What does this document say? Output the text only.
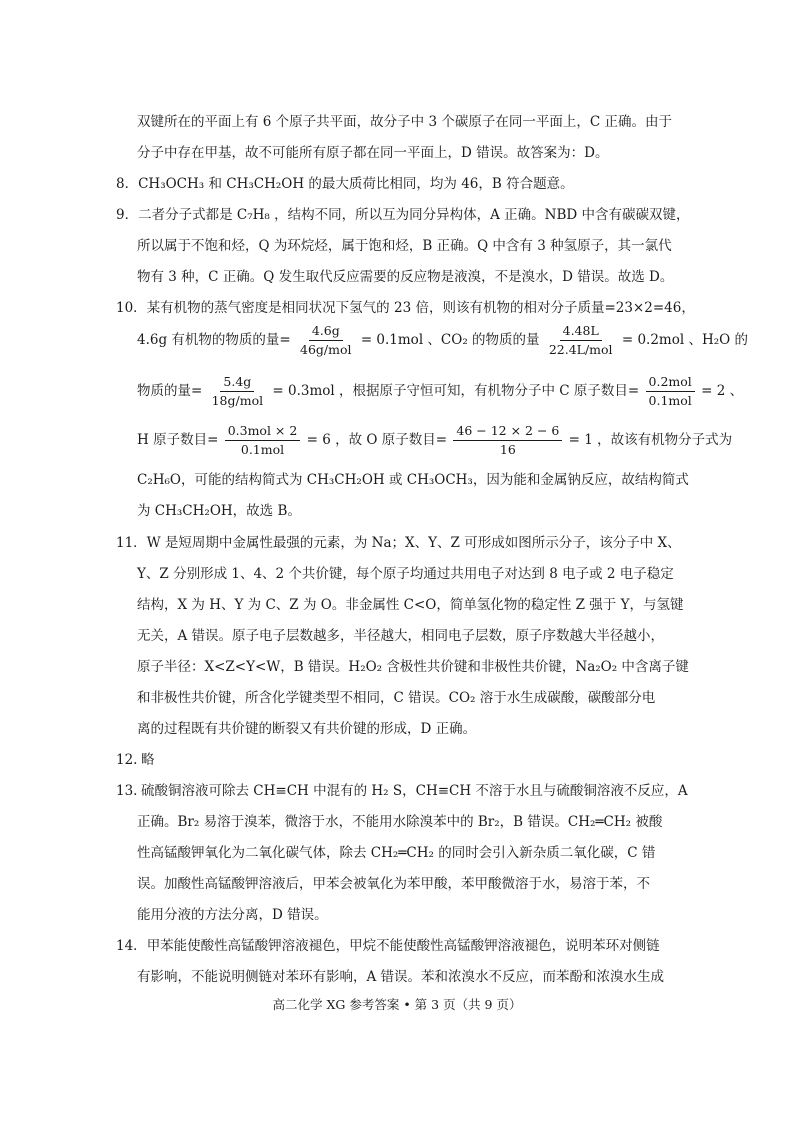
双键所在的平面上有 6 个原子共平面，故分子中 3 个碳原子在同一平面上，C 正确。由于
分子中存在甲基，故不可能所有原子都在同一平面上，D 错误。故答案为：D。
8．CH₃OCH₃ 和 CH₃CH₂OH 的最大质荷比相同，均为 46，B 符合题意。
9．二者分子式都是 C₇H₈ ，结构不同，所以互为同分异构体，A 正确。NBD 中含有碳碳双键，
所以属于不饱和烃，Q 为环烷烃，属于饱和烃，B 正确。Q 中含有 3 种氢原子，其一氯代
物有 3 种，C 正确。Q 发生取代反应需要的反应物是液溴，不是溴水，D 错误。故选 D。
10．某有机物的蒸气密度是相同状况下氢气的 23 倍，则该有机物的相对分子质量=23×2=46，
4.6g 有机物的物质的量= $\frac{4.6g}{\text{46g/mol}} = 0.1mol$ 、CO₂ 的物质的量 $\frac{4.48L}{\text{22.4L/mol}} = 0.2mol$ 、H₂O 的
物质的量= $\frac{5.4g}{\text{18g/mol}} = 0.3mol$ ，根据原子守恒可知，有机物分子中 C 原子数目= $\frac{\text{0.2mol}}{\text{0.1mol}} = 2$ 、
H 原子数目= $\frac{\text{0.3mol × 2}}{\text{0.1mol}} = 6$ ，故 O 原子数目= $\frac{46 - 12 \times 2 - 6}{16} = 1$ ，故该有机物分子式为
C₂H₆O，可能的结构简式为 CH₃CH₂OH 或 CH₃OCH₃，因为能和金属钠反应，故结构简式
为 CH₃CH₂OH，故选 B。
11．W 是短周期中金属性最强的元素，为 Na；X、Y、Z 可形成如图所示分子，该分子中 X、
Y、Z 分别形成 1、4、2 个共价键，每个原子均通过共用电子对达到 8 电子或 2 电子稳定
结构，X 为 H、Y 为 C、Z 为 O。非金属性 C<O，简单氢化物的稳定性 Z 强于 Y，与氢键
无关，A 错误。原子电子层数越多，半径越大，相同电子层数，原子序数越大半径越小，
原子半径：X<Z<Y<W，B 错误。H₂O₂ 含极性共价键和非极性共价键，Na₂O₂ 中含离子键
和非极性共价键，所含化学键类型不相同，C 错误。CO₂ 溶于水生成碳酸，碳酸部分电
离的过程既有共价键的断裂又有共价键的形成，D 正确。
12. 略
13. 硫酸铜溶液可除去 CH≡CH 中混有的 H₂ S，CH≡CH 不溶于水且与硫酸铜溶液不反应，A
正确。Br₂ 易溶于溴苯，微溶于水，不能用水除溴苯中的 Br₂，B 错误。CH₂═CH₂ 被酸
性高锰酸钾氧化为二氧化碳气体，除去 CH₂═CH₂ 的同时会引入新杂质二氧化碳，C 错
误。加酸性高锰酸钾溶液后，甲苯会被氧化为苯甲酸，苯甲酸微溶于水，易溶于苯，不
能用分液的方法分离，D 错误。
14．甲苯能使酸性高锰酸钾溶液褪色，甲烷不能使酸性高锰酸钾溶液褪色，说明苯环对侧链
有影响，不能说明侧链对苯环有影响，A 错误。苯和浓溴水不反应，而苯酚和浓溴水生成
高二化学 XG 参考答案 • 第 3 页（共 9 页）
